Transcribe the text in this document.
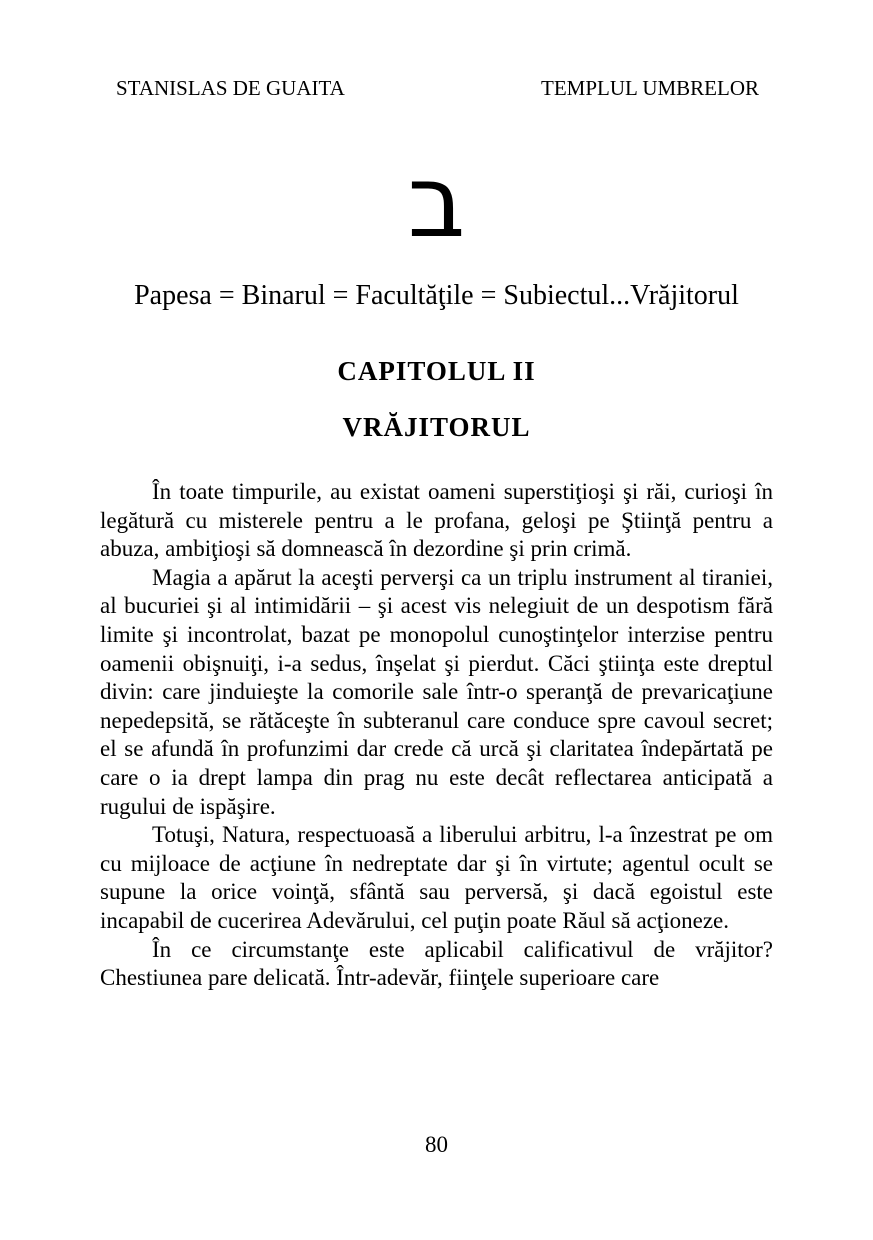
STANISLAS DE GUAITA	TEMPLUL UMBRELOR
ב
Papesa = Binarul = Facultăţile = Subiectul...Vrăjitorul
CAPITOLUL II
VRĂJITORUL

În toate timpurile, au existat oameni superstiţioşi şi răi, curioşi în legătură cu misterele pentru a le profana, geloşi pe Ştiinţă pentru a abuza, ambiţioşi să domnească în dezordine şi prin crimă.

Magia a apărut la aceşti perverşi ca un triplu instrument al tiraniei, al bucuriei şi al intimidării – şi acest vis nelegiuit de un despotism fără limite şi incontrolat, bazat pe monopolul cunoştinţelor interzise pentru oamenii obişnuiţi, i-a sedus, înşelat şi pierdut. Căci ştiinţa este dreptul divin: care jinduieşte la comorile sale într-o speranţă de prevaricaţiune nepedepsită, se rătăceşte în subteranul care conduce spre cavoul secret; el se afundă în profunzimi dar crede că urcă şi claritatea îndepărtată pe care o ia drept lampa din prag nu este decât reflectarea anticipată a rugului de ispăşire.

Totuşi, Natura, respectuoasă a liberului arbitru, l-a înzestrat pe om cu mijloace de acţiune în nedreptate dar şi în virtute; agentul ocult se supune la orice voinţă, sfântă sau perversă, şi dacă egoistul este incapabil de cucerirea Adevărului, cel puţin poate Răul să acţioneze.

În ce circumstanţe este aplicabil calificativul de vrăjitor? Chestiunea pare delicată. Într-adevăr, fiinţele superioare care

80
